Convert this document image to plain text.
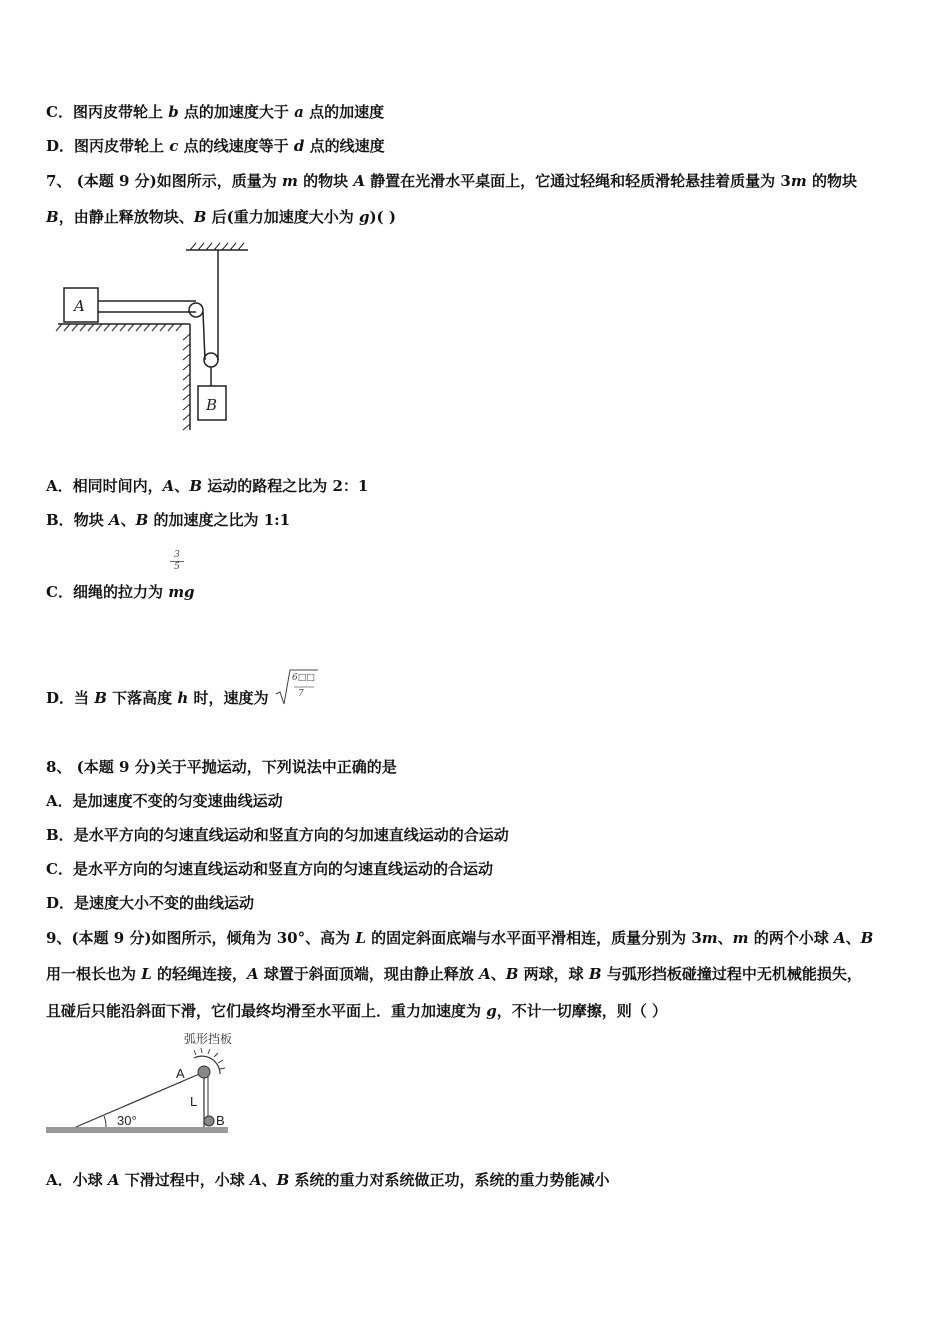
C．图丙皮带轮上 b 点的加速度大于 a 点的加速度
D．图丙皮带轮上 c 点的线速度等于 d 点的线速度
7、 (本题 9 分)如图所示，质量为 m 的物块 A 静置在光滑水平桌面上，它通过轻绳和轻质滑轮悬挂着质量为 3m 的物块
B，由静止释放物块、B 后(重力加速度大小为 g)( )
A
B
A．相同时间内，A、B 运动的路程之比为 2：1
B．物块 A、B 的加速度之比为 1:1
3
5
C．细绳的拉力为 mg
D．当 B 下落高度 h 时，速度为
6□□
7
8、 (本题 9 分)关于平抛运动，下列说法中正确的是
A．是加速度不变的匀变速曲线运动
B．是水平方向的匀速直线运动和竖直方向的匀加速直线运动的合运动
C．是水平方向的匀速直线运动和竖直方向的匀速直线运动的合运动
D．是速度大小不变的曲线运动
9、(本题 9 分)如图所示，倾角为 30°、高为 L 的固定斜面底端与水平面平滑相连，质量分别为 3m、m 的两个小球 A、B
用一根长也为 L 的轻绳连接，A 球置于斜面顶端，现由静止释放 A、B 两球，球 B 与弧形挡板碰撞过程中无机械能损失，
且碰后只能沿斜面下滑，它们最终均滑至水平面上．重力加速度为 g，不计一切摩擦，则（ ）
弧形挡板
30°
A
L
B
A．小球 A 下滑过程中，小球 A、B 系统的重力对系统做正功，系统的重力势能减小
